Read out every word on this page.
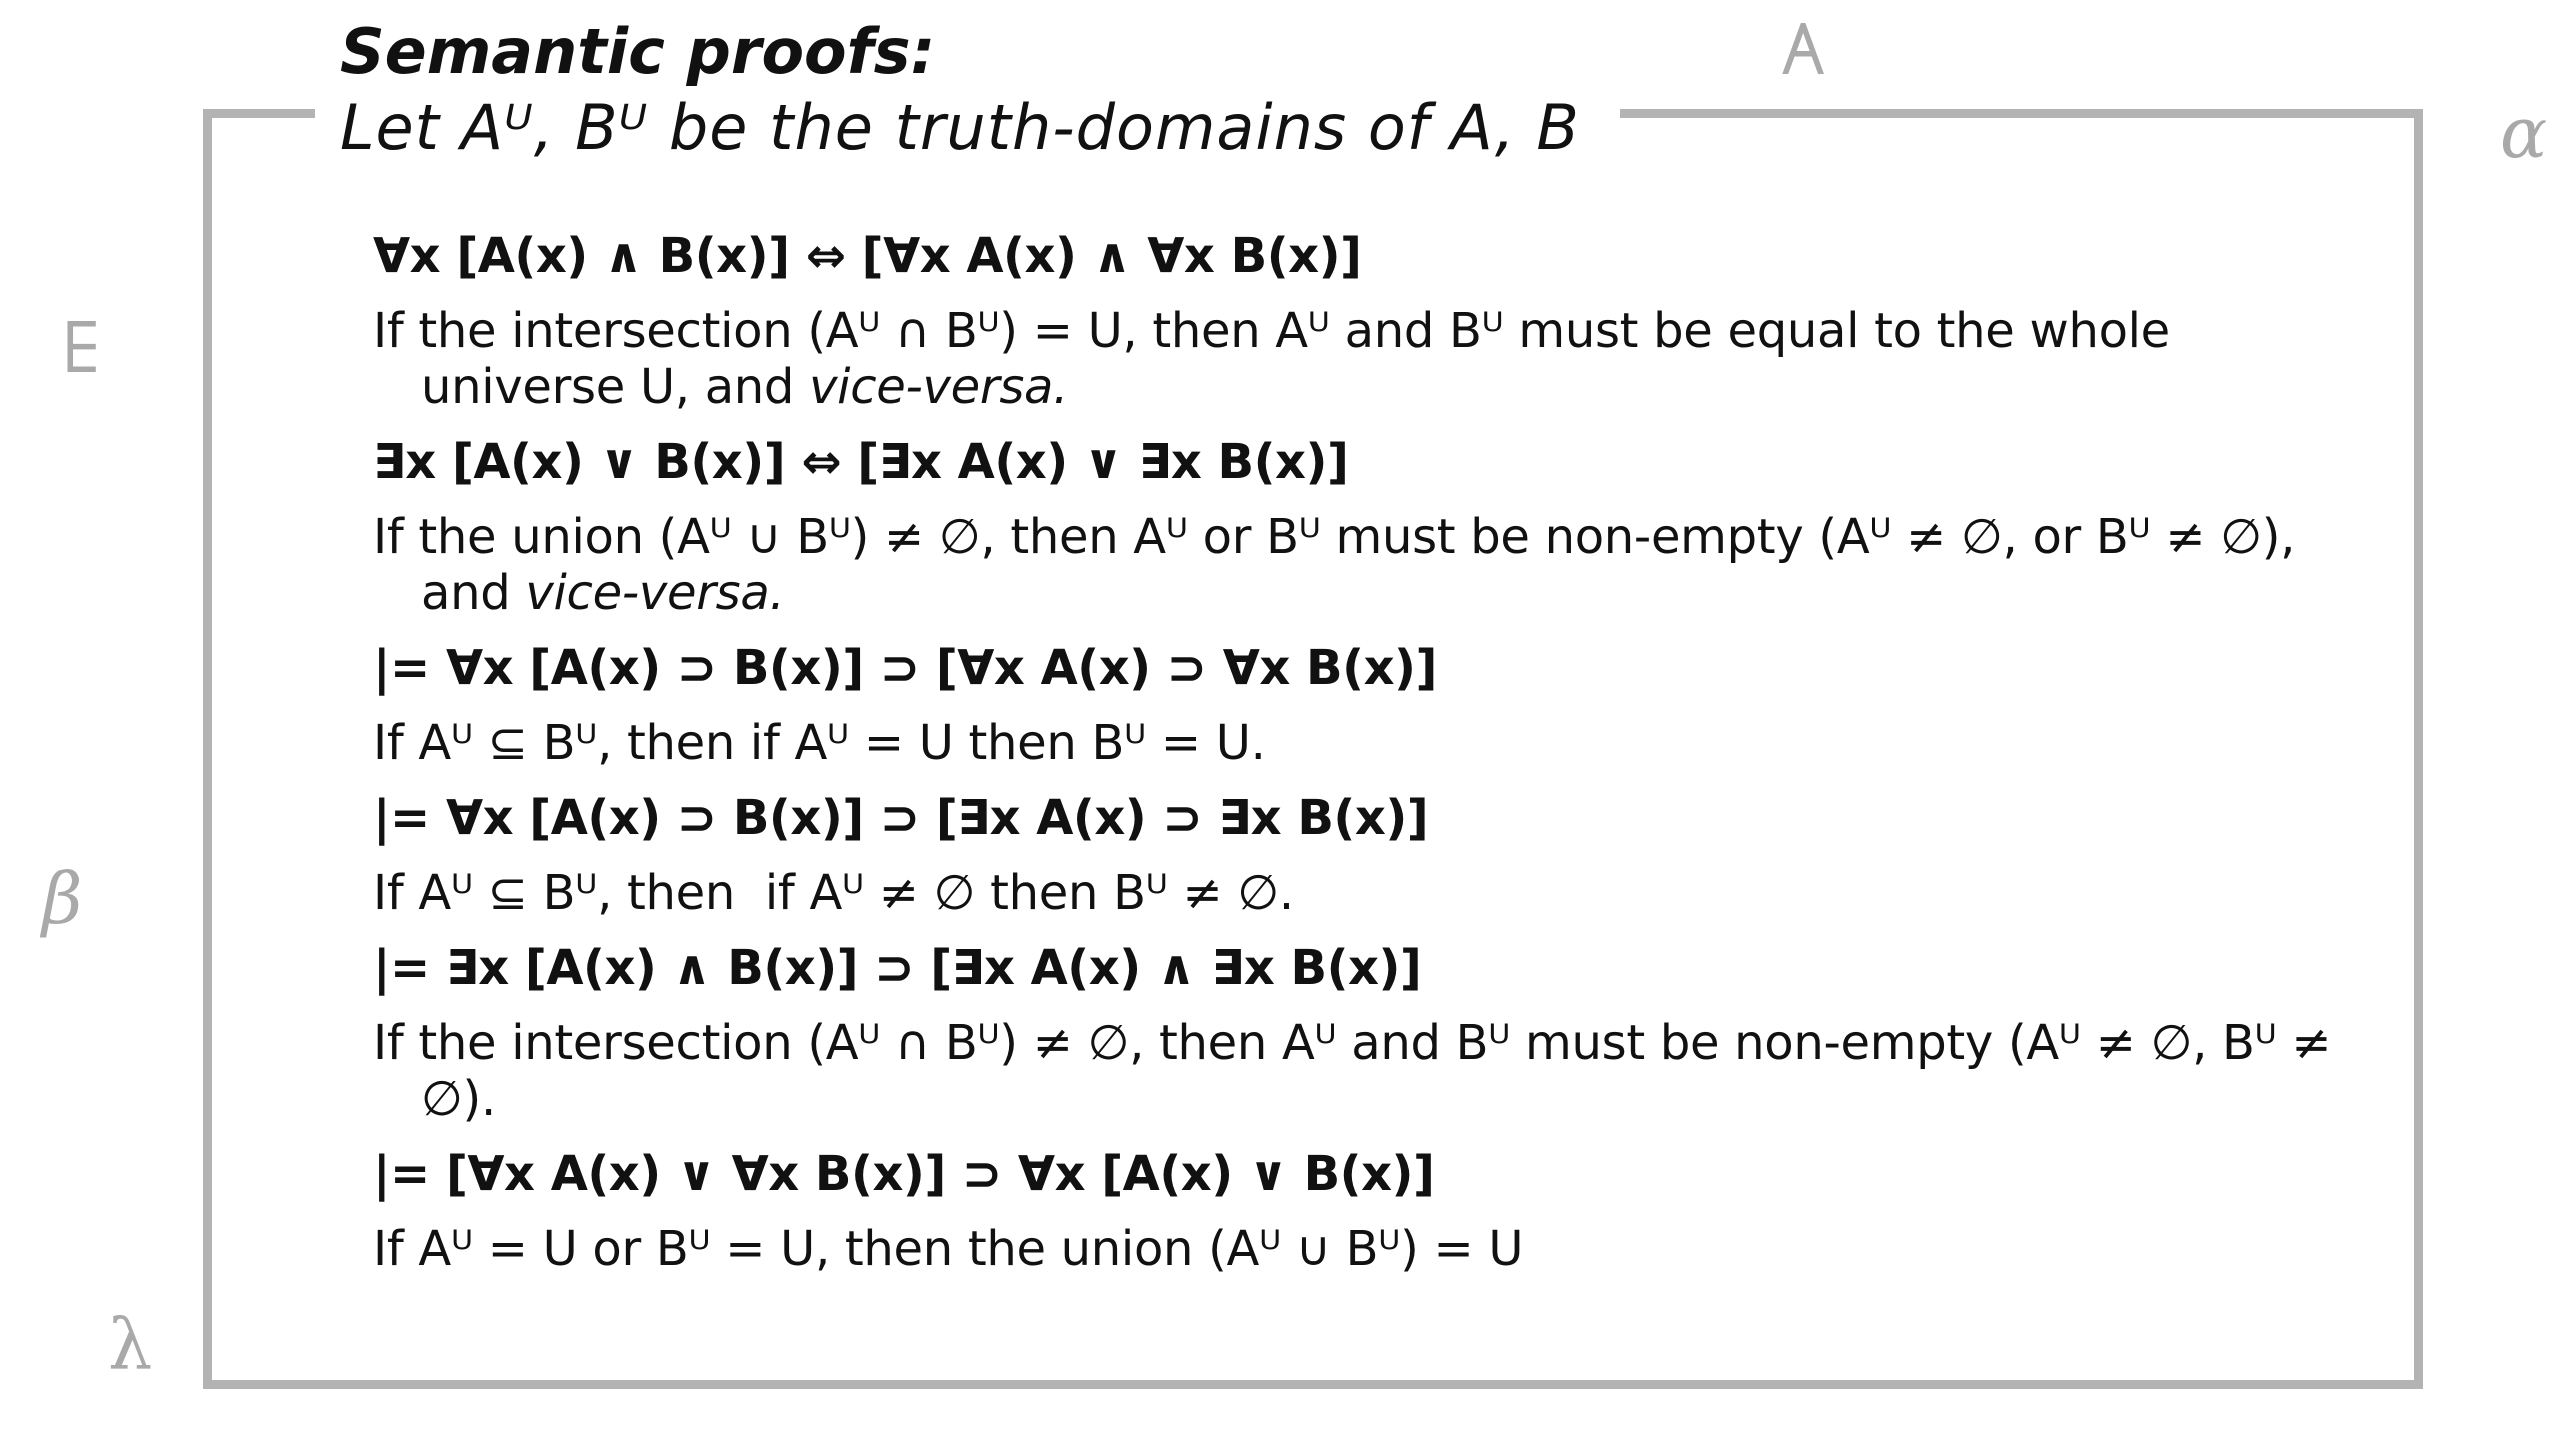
Semantic proofs:
Let Aᵁ, Bᵁ be the truth-domains of A, B
∀
α
∃
β
λ

∀x [A(x) ∧ B(x)] ⇔ [∀x A(x) ∧ ∀x B(x)]

If the intersection (Aᵁ ∩ Bᵁ) = U, then Aᵁ and Bᵁ must be equal to the whole universe U, and vice-versa.

∃x [A(x) ∨ B(x)] ⇔ [∃x A(x) ∨ ∃x B(x)]

If the union (Aᵁ ∪ Bᵁ) ≠ ∅, then Aᵁ or Bᵁ must be non-empty (Aᵁ ≠ ∅, or Bᵁ ≠ ∅), and vice-versa.

|= ∀x [A(x) ⊃ B(x)] ⊃ [∀x A(x) ⊃ ∀x B(x)]

If Aᵁ ⊆ Bᵁ, then if Aᵁ = U then Bᵁ = U.

|= ∀x [A(x) ⊃ B(x)] ⊃ [∃x A(x) ⊃ ∃x B(x)]

If Aᵁ ⊆ Bᵁ, then  if Aᵁ ≠ ∅ then Bᵁ ≠ ∅.

|= ∃x [A(x) ∧ B(x)] ⊃ [∃x A(x) ∧ ∃x B(x)]

If the intersection (Aᵁ ∩ Bᵁ) ≠ ∅, then Aᵁ and Bᵁ must be non-empty (Aᵁ ≠ ∅, Bᵁ ≠ ∅).

|= [∀x A(x) ∨ ∀x B(x)] ⊃ ∀x [A(x) ∨ B(x)]

If Aᵁ = U or Bᵁ = U, then the union (Aᵁ ∪ Bᵁ) = U
